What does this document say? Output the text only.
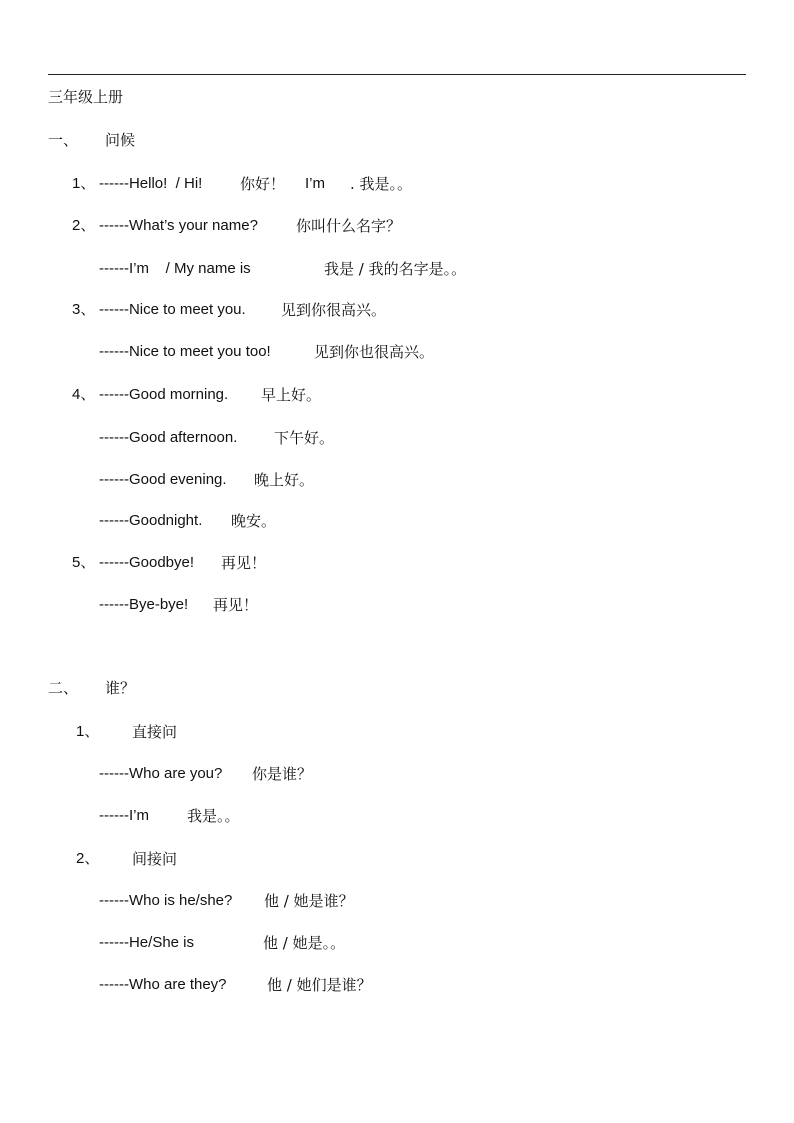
三年级上册
一、 问候
1、 ------Hello!  / Hi!	你好！ I’m . 我是。。
2、 ------What’s your name?	你叫什么名字？
------I’m    / My name is	我是 / 我的名字是。。
3、 ------Nice to meet you. 见到你很高兴。
------Nice to meet you too!	见到你也很高兴。
4、 ------Good morning. 早上好。
------Good afternoon. 下午好。
------Good evening. 晚上好。
------Goodnight. 晚安。
5、 ------Goodbye! 再见！
------Bye-bye! 再见！
二、 谁？
1、 直接问
------Who are you? 你是谁？
------I’m	我是。。
2、 间接问
------Who is he/she? 他 / 她是谁？
------He/She is	他 / 她是。。
------Who are they?	他 / 她们是谁？
